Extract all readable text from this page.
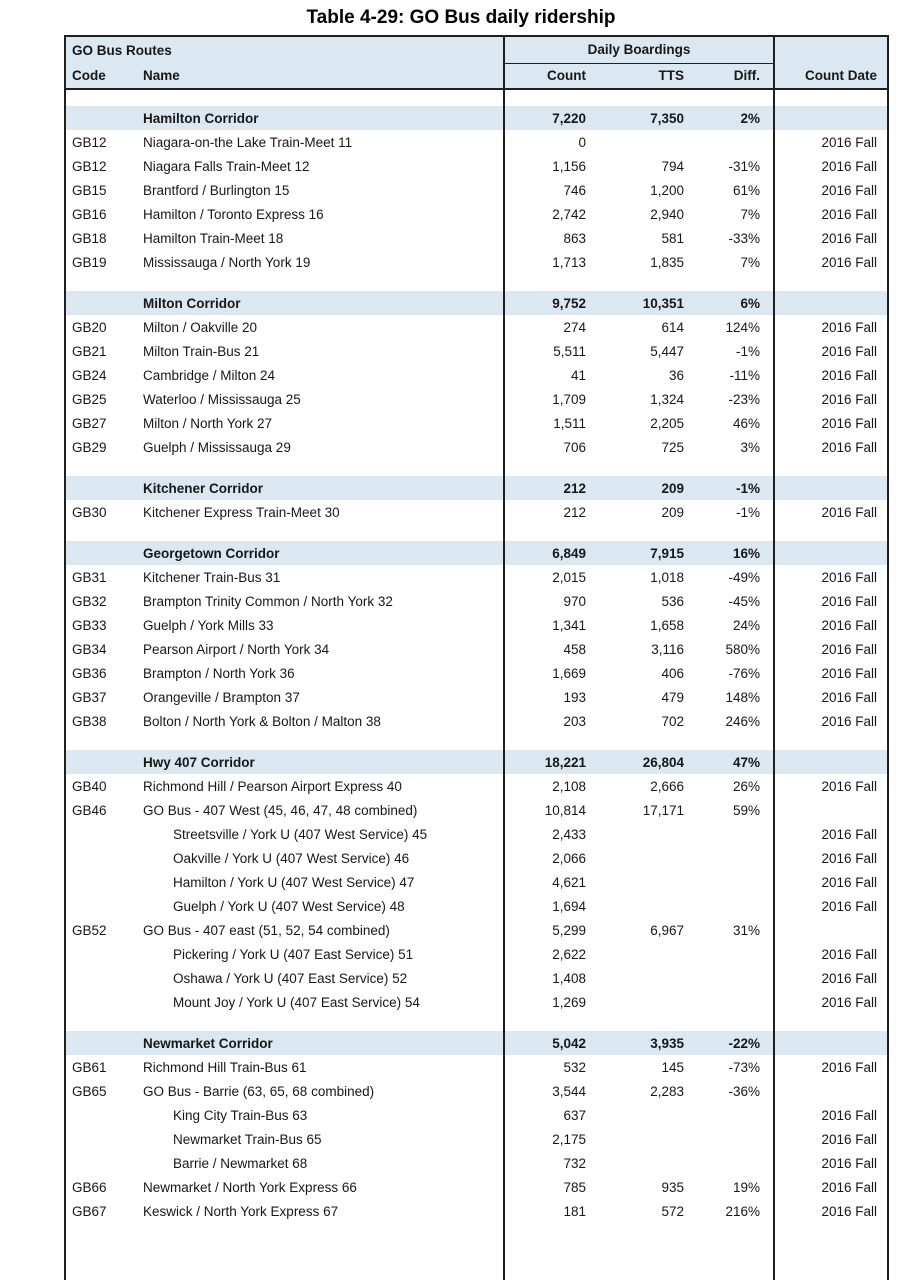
Table 4-29: GO Bus daily ridership
GO Bus Routes		Daily Boardings			Count Date
Code	Name	Count	TTS	Diff.	

	Hamilton Corridor	7,220	7,350	2%	
GB12	Niagara-on-the Lake Train-Meet 11	0			2016 Fall
GB12	Niagara Falls Train-Meet 12	1,156	794	-31%	2016 Fall
GB15	Brantford / Burlington 15	746	1,200	61%	2016 Fall
GB16	Hamilton / Toronto Express 16	2,742	2,940	7%	2016 Fall
GB18	Hamilton Train-Meet 18	863	581	-33%	2016 Fall
GB19	Mississauga / North York 19	1,713	1,835	7%	2016 Fall

	Milton Corridor	9,752	10,351	6%	
GB20	Milton / Oakville 20	274	614	124%	2016 Fall
GB21	Milton Train-Bus 21	5,511	5,447	-1%	2016 Fall
GB24	Cambridge / Milton 24	41	36	-11%	2016 Fall
GB25	Waterloo / Mississauga 25	1,709	1,324	-23%	2016 Fall
GB27	Milton / North York 27	1,511	2,205	46%	2016 Fall
GB29	Guelph / Mississauga 29	706	725	3%	2016 Fall

	Kitchener Corridor	212	209	-1%	
GB30	Kitchener Express Train-Meet 30	212	209	-1%	2016 Fall

	Georgetown Corridor	6,849	7,915	16%	
GB31	Kitchener Train-Bus 31	2,015	1,018	-49%	2016 Fall
GB32	Brampton Trinity Common / North York 32	970	536	-45%	2016 Fall
GB33	Guelph / York Mills 33	1,341	1,658	24%	2016 Fall
GB34	Pearson Airport / North York 34	458	3,116	580%	2016 Fall
GB36	Brampton / North York 36	1,669	406	-76%	2016 Fall
GB37	Orangeville / Brampton 37	193	479	148%	2016 Fall
GB38	Bolton / North York & Bolton / Malton 38	203	702	246%	2016 Fall

	Hwy 407 Corridor	18,221	26,804	47%	
GB40	Richmond Hill / Pearson Airport Express 40	2,108	2,666	26%	2016 Fall
GB46	GO Bus - 407 West (45, 46, 47, 48 combined)	10,814	17,171	59%	
	Streetsville / York U (407 West Service) 45	2,433			2016 Fall
	Oakville / York U (407 West Service) 46	2,066			2016 Fall
	Hamilton / York U (407 West Service) 47	4,621			2016 Fall
	Guelph / York U (407 West Service) 48	1,694			2016 Fall
GB52	GO Bus - 407 east (51, 52, 54 combined)	5,299	6,967	31%	
	Pickering / York U (407 East Service) 51	2,622			2016 Fall
	Oshawa / York U (407 East Service) 52	1,408			2016 Fall
	Mount Joy / York U (407 East Service) 54	1,269			2016 Fall

	Newmarket Corridor	5,042	3,935	-22%	
GB61	Richmond Hill Train-Bus 61	532	145	-73%	2016 Fall
GB65	GO Bus - Barrie (63, 65, 68 combined)	3,544	2,283	-36%	
	King City Train-Bus 63	637			2016 Fall
	Newmarket Train-Bus 65	2,175			2016 Fall
	Barrie / Newmarket 68	732			2016 Fall
GB66	Newmarket / North York Express 66	785	935	19%	2016 Fall
GB67	Keswick / North York Express 67	181	572	216%	2016 Fall
